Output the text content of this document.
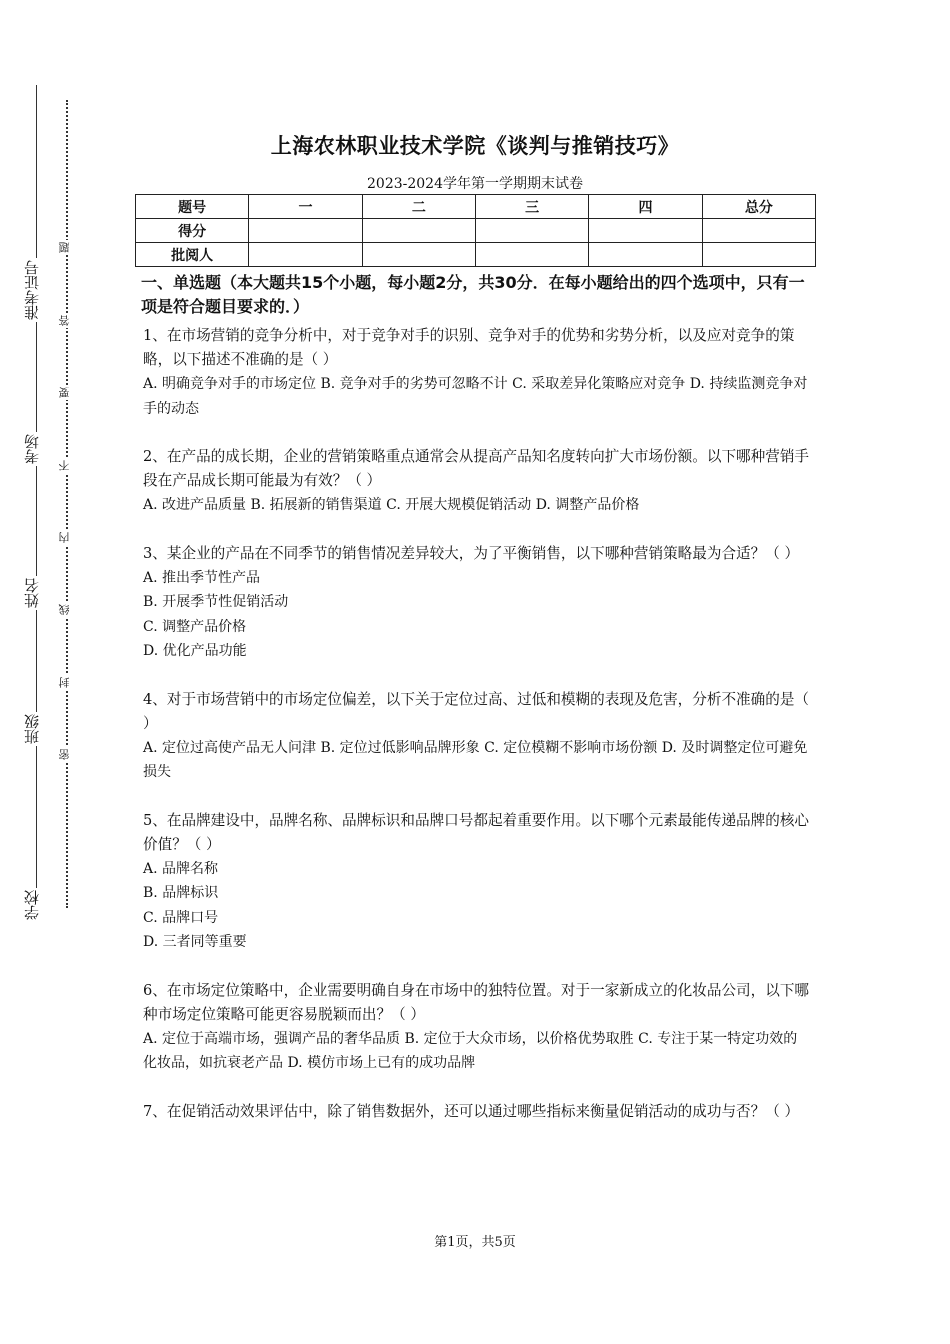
准考证号
考场
姓名
班级
学校
题
答
要
不
内
线
封
密
上海农林职业技术学院《谈判与推销技巧》
2023-2024学年第一学期期末试卷
题号	一	二	三	四	总分
得分					
批阅人					
一、单选题（本大题共15个小题，每小题2分，共30分．在每小题给出的四个选项中，只有一项是符合题目要求的．）
1、在市场营销的竞争分析中，对于竞争对手的识别、竞争对手的优势和劣势分析，以及应对竞争的策略，以下描述不准确的是（ ）
A. 明确竞争对手的市场定位 B. 竞争对手的劣势可忽略不计 C. 采取差异化策略应对竞争 D. 持续监测竞争对手的动态
2、在产品的成长期，企业的营销策略重点通常会从提高产品知名度转向扩大市场份额。以下哪种营销手段在产品成长期可能最为有效？（ ）
A. 改进产品质量 B. 拓展新的销售渠道 C. 开展大规模促销活动 D. 调整产品价格
3、某企业的产品在不同季节的销售情况差异较大，为了平衡销售，以下哪种营销策略最为合适？（ ）
A. 推出季节性产品
B. 开展季节性促销活动
C. 调整产品价格
D. 优化产品功能
4、对于市场营销中的市场定位偏差，以下关于定位过高、过低和模糊的表现及危害，分析不准确的是（ ）
A. 定位过高使产品无人问津 B. 定位过低影响品牌形象 C. 定位模糊不影响市场份额 D. 及时调整定位可避免损失
5、在品牌建设中，品牌名称、品牌标识和品牌口号都起着重要作用。以下哪个元素最能传递品牌的核心价值？（ ）
A. 品牌名称
B. 品牌标识
C. 品牌口号
D. 三者同等重要
6、在市场定位策略中，企业需要明确自身在市场中的独特位置。对于一家新成立的化妆品公司，以下哪种市场定位策略可能更容易脱颖而出？（ ）
A. 定位于高端市场，强调产品的奢华品质 B. 定位于大众市场，以价格优势取胜 C. 专注于某一特定功效的化妆品，如抗衰老产品 D. 模仿市场上已有的成功品牌
7、在促销活动效果评估中，除了销售数据外，还可以通过哪些指标来衡量促销活动的成功与否？（ ）
第1页，共5页
